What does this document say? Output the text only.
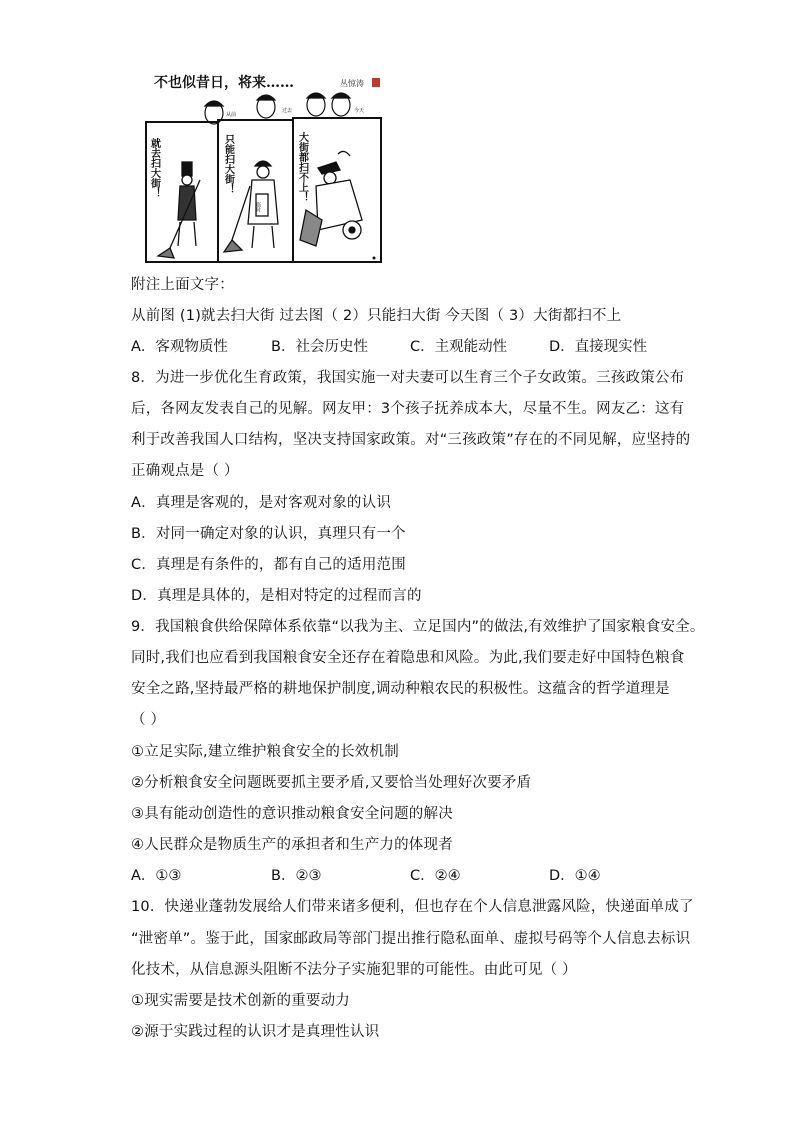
不也似昔日，将来……	丛惊涛
从前
过去	今天
就去扫大街！	只能扫大街！	大街都扫不上！
临时
附注上面文字：
从前图 (1)就去扫大街 过去图（ 2）只能扫大街 今天图（ 3）大街都扫不上
A．客观物质性	B．社会历史性	C．主观能动性	D．直接现实性
8．为进一步优化生育政策，我国实施一对夫妻可以生育三个子女政策。三孩政策公布
后，各网友发表自己的见解。网友甲：3个孩子抚养成本大，尽量不生。网友乙：这有
利于改善我国人口结构，坚决支持国家政策。对“三孩政策”存在的不同见解，应坚持的
正确观点是（ ）
A．真理是客观的，是对客观对象的认识
B．对同一确定对象的认识，真理只有一个
C．真理是有条件的，都有自己的适用范围
D．真理是具体的，是相对特定的过程而言的
9．我国粮食供给保障体系依靠“以我为主、立足国内”的做法,有效维护了国家粮食安全。
同时,我们也应看到我国粮食安全还存在着隐患和风险。为此,我们要走好中国特色粮食
安全之路,坚持最严格的耕地保护制度,调动种粮农民的积极性。这蕴含的哲学道理是
（ ）
①立足实际,建立维护粮食安全的长效机制
②分析粮食安全问题既要抓主要矛盾,又要恰当处理好次要矛盾
③具有能动创造性的意识推动粮食安全问题的解决
④人民群众是物质生产的承担者和生产力的体现者
A．①③	B．②③	C．②④	D．①④
10．快递业蓬勃发展给人们带来诸多便利，但也存在个人信息泄露风险，快递面单成了
“泄密单”。鉴于此，国家邮政局等部门提出推行隐私面单、虚拟号码等个人信息去标识
化技术，从信息源头阻断不法分子实施犯罪的可能性。由此可见（ ）
①现实需要是技术创新的重要动力
②源于实践过程的认识才是真理性认识
